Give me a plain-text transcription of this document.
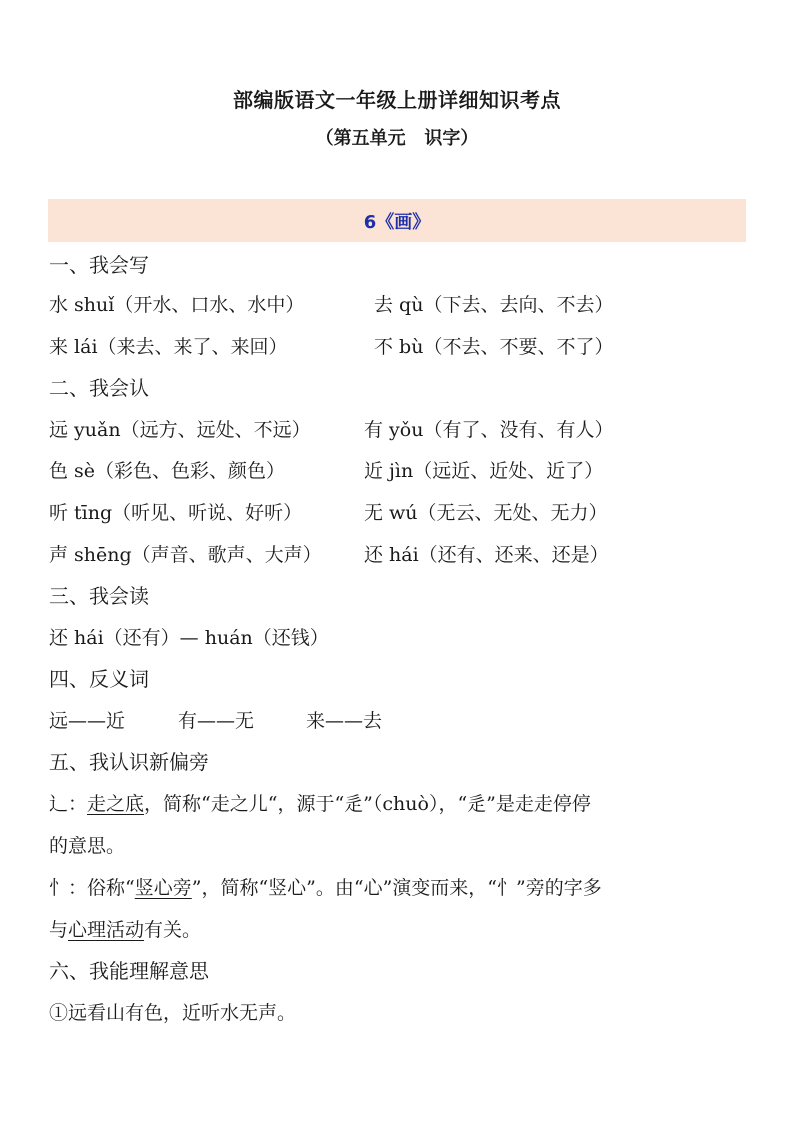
部编版语文一年级上册详细知识考点
（第五单元   识字）
6《画》
一、我会写
水 shuǐ（开水、口水、水中）	去 qù（下去、去向、不去）
来 lái（来去、来了、来回）	不 bù（不去、不要、不了）
二、我会认
远 yuǎn（远方、远处、不远）	有 yǒu（有了、没有、有人）
色 sè（彩色、色彩、颜色）	近 jìn（远近、近处、近了）
听 tīng（听见、听说、好听）	无 wú（无云、无处、无力）
声 shēng（声音、歌声、大声） 还 hái（还有、还来、还是）
三、我会读
还 hái（还有）— huán（还钱）
四、反义词
远——近	有——无	来——去
五、我认识新偏旁
辶：走之底，简称“走之儿“，源于“辵”（chuò），“辵”是走走停停
的意思。
忄：俗称“竖心旁”，简称“竖心”。由“心”演变而来，“忄”旁的字多
与心理活动有关。
六、我能理解意思
①远看山有色，近听水无声。
